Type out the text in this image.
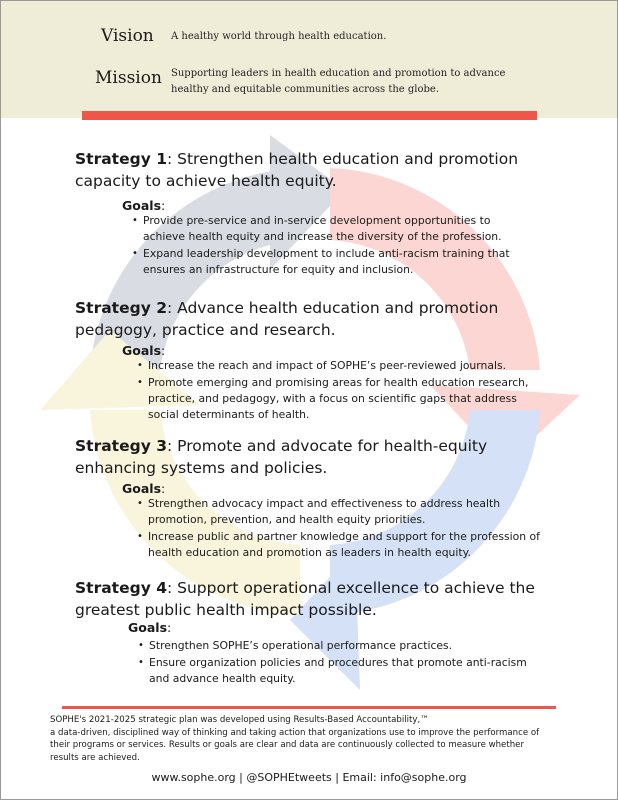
Vision A healthy world through health education.
Mission Supporting leaders in health education and promotion to advance
healthy and equitable communities across the globe.
Strategy 1: Strengthen health education and promotion
capacity to achieve health equity.
Goals:
• Provide pre-service and in-service development opportunities to
achieve health equity and increase the diversity of the profession.
• Expand leadership development to include anti-racism training that
ensures an infrastructure for equity and inclusion.
Strategy 2: Advance health education and promotion
pedagogy, practice and research.
Goals:
• Increase the reach and impact of SOPHE’s peer-reviewed journals.
• Promote emerging and promising areas for health education research,
practice, and pedagogy, with a focus on scientific gaps that address
social determinants of health.
Strategy 3: Promote and advocate for health-equity
enhancing systems and policies.
Goals:
• Strengthen advocacy impact and effectiveness to address health
promotion, prevention, and health equity priorities.
• Increase public and partner knowledge and support for the profession of
health education and promotion as leaders in health equity.
Strategy 4: Support operational excellence to achieve the
greatest public health impact possible.
Goals:
• Strengthen SOPHE’s operational performance practices.
• Ensure organization policies and procedures that promote anti-racism
and advance health equity.
SOPHE's 2021-2025 strategic plan was developed using Results-Based Accountability,™
a data-driven, disciplined way of thinking and taking action that organizations use to improve the performance of
their programs or services. Results or goals are clear and data are continuously collected to measure whether
results are achieved.
www.sophe.org | @SOPHEtweets | Email: info@sophe.org
